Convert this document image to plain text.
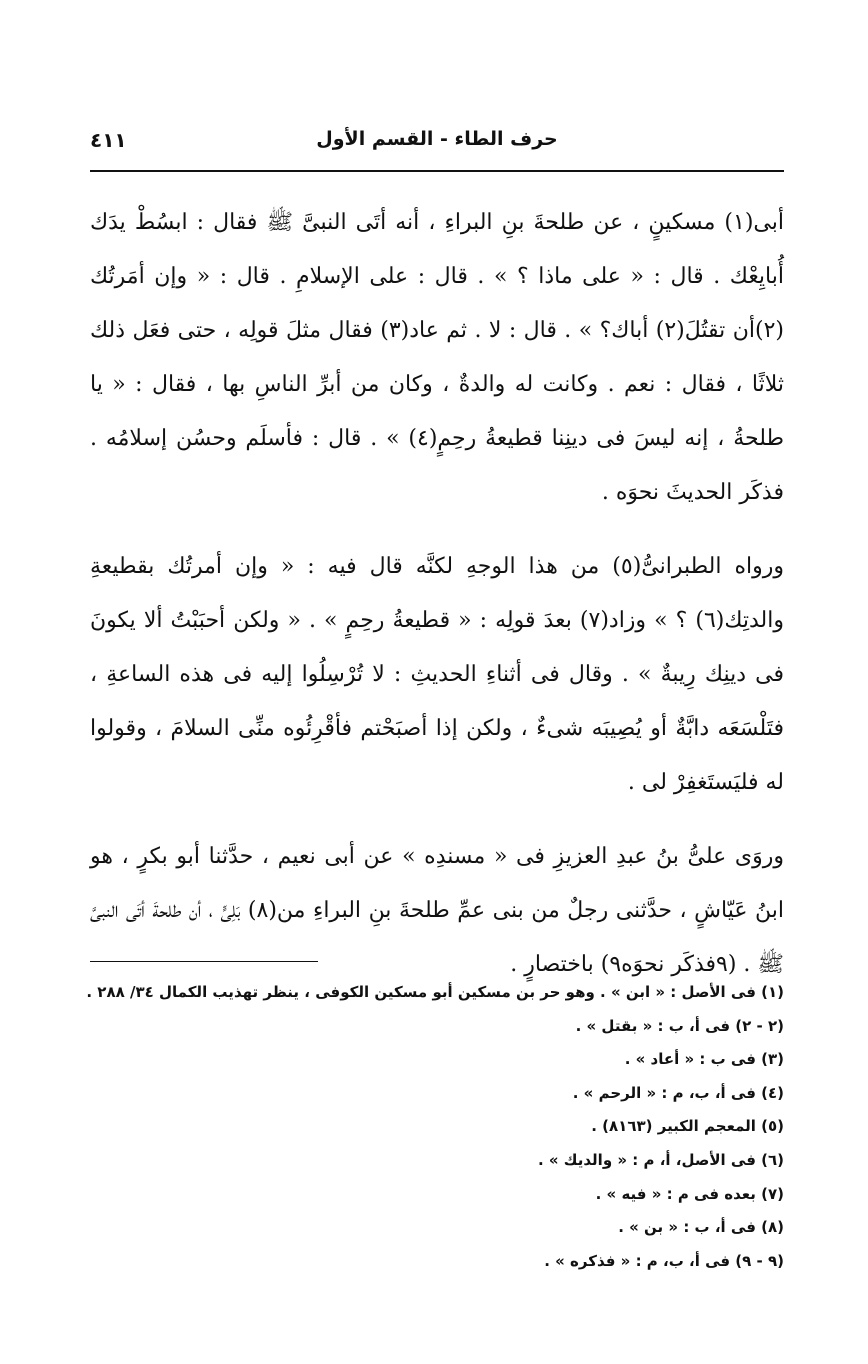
حرف الطاء - القسم الأول
٤١١

أبى(١) مسكينٍ ، عن طلحةَ بنِ البراءِ ، أنه أتَى النبىَّ ﷺ فقال : ابسُطْ يدَك أُبايِعْك . قال : « على ماذا ؟ » . قال : على الإسلامِ . قال : « وإن أمَرتُك (٢)أن تقتُلَ(٢) أباك؟ » . قال : لا . ثم عاد(٣) فقال مثلَ قولِه ، حتى فعَل ذلك ثلاثًا ، فقال : نعم . وكانت له والدةٌ ، وكان من أبرِّ الناسِ بها ، فقال : « يا طلحةُ ، إنه ليسَ فى دينِنا قطيعةُ رحِمٍ(٤) » . قال : فأسلَم وحسُن إسلامُه . فذكَر الحديثَ نحوَه .

ورواه الطبرانىُّ(٥) من هذا الوجهِ لكنَّه قال فيه : « وإن أمرتُك بقطيعةِ والدتِك(٦) ؟ » وزاد(٧) بعدَ قولِه : « قطيعةُ رحِمٍ » . « ولكن أحبَبْتُ ألا يكونَ فى دينِك رِيبةٌ » . وقال فى أثناءِ الحديثِ : لا تُرْسِلُوا إليه فى هذه الساعةِ ، فتَلْسَعَه دابَّةٌ أو يُصِيبَه شىءٌ ، ولكن إذا أصبَحْتم فأقْرِئُوه منِّى السلامَ ، وقولوا له فليَستَغفِرْ لى .

وروَى علىُّ بنُ عبدِ العزيزِ فى « مسندِه » عن أبى نعيم ، حدَّثنا أبو بكرٍ ، هو ابنُ عَيّاشٍ ، حدَّثنى رجلٌ من بنى عمِّ طلحةَ بنِ البراءِ من(٨) بَلِىٍّ ، أن طلحةَ أتَى النبىَّ ﷺ . (٩فذكَر نحوَه٩) باختصارٍ .

(١) فى الأصل : « ابن » . وهو حر بن مسكين أبو مسكين الكوفى ، ينظر تهذيب الكمال ٣٤/ ٢٨٨ .
(٢ - ٢) فى أ، ب : « بقتل » .
(٣) فى ب : « أعاد » .
(٤) فى أ، ب، م : « الرحم » .
(٥) المعجم الكبير (٨١٦٣) .
(٦) فى الأصل، أ، م : « والديك » .
(٧) بعده فى م : « فيه » .
(٨) فى أ، ب : « بن » .
(٩ - ٩) فى أ، ب، م : « فذكره » .
